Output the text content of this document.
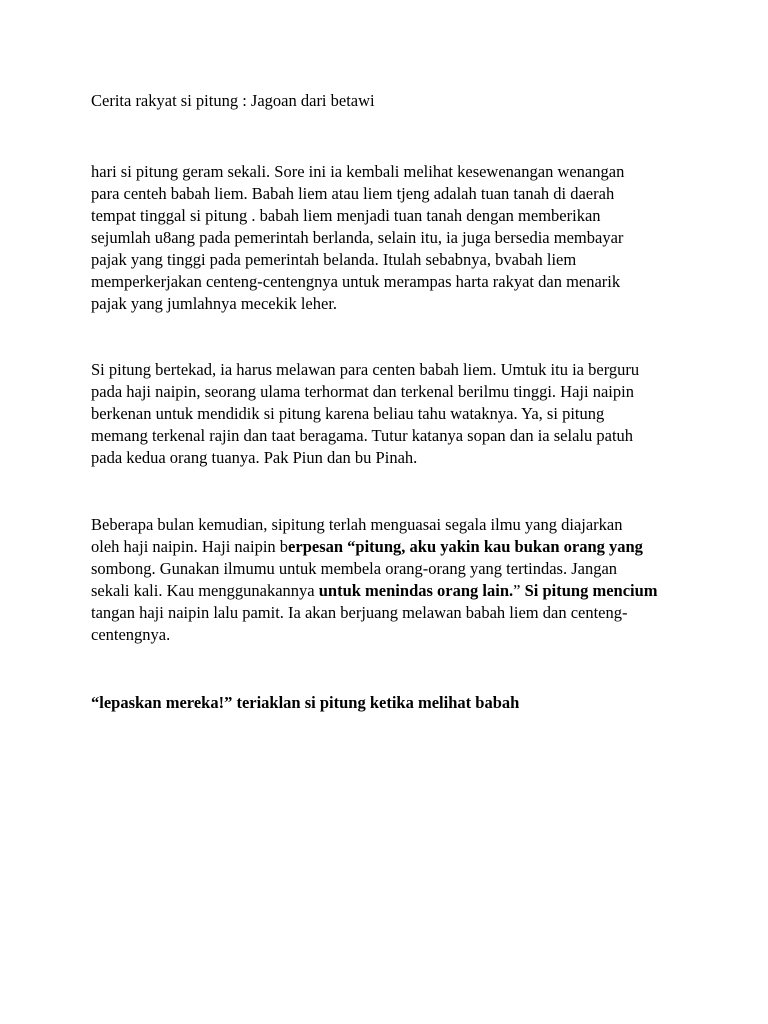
Cerita rakyat si pitung : Jagoan dari betawi

hari si pitung geram sekali. Sore ini ia kembali melihat kesewenangan wenangan
para centeh babah liem. Babah liem atau liem tjeng adalah tuan tanah di daerah
tempat tinggal si pitung . babah liem menjadi tuan tanah dengan memberikan
sejumlah u8ang pada pemerintah berlanda, selain itu, ia juga bersedia membayar
pajak yang tinggi pada pemerintah belanda. Itulah sebabnya, bvabah liem
memperkerjakan centeng-centengnya untuk merampas harta rakyat dan menarik
pajak yang jumlahnya mecekik leher.

Si pitung bertekad, ia harus melawan para centen babah liem. Umtuk itu ia berguru
pada haji naipin, seorang ulama terhormat dan terkenal berilmu tinggi. Haji naipin
berkenan untuk mendidik si pitung karena beliau tahu wataknya. Ya, si pitung
memang terkenal rajin dan taat beragama. Tutur katanya sopan dan ia selalu patuh
pada kedua orang tuanya. Pak Piun dan bu Pinah.

Beberapa bulan kemudian, sipitung terlah menguasai segala ilmu yang diajarkan
oleh haji naipin. Haji naipin berpesan “pitung, aku yakin kau bukan orang yang
sombong. Gunakan ilmumu untuk membela orang-orang yang tertindas. Jangan
sekali kali. Kau menggunakannya untuk menindas orang lain.” Si pitung mencium
tangan haji naipin lalu pamit. Ia akan berjuang melawan babah liem dan centeng-
centengnya.

“lepaskan mereka!” teriaklan si pitung ketika melihat babah
